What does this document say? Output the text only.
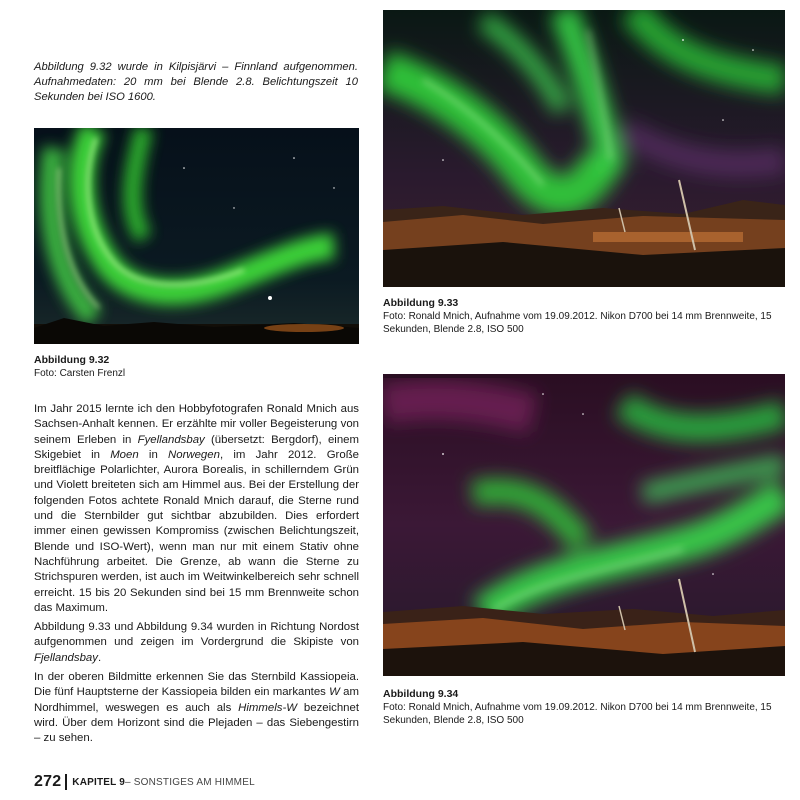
Abbildung 9.32 wurde in Kilpisjärvi – Finnland aufgenommen. Aufnahmedaten: 20 mm bei Blende 2.8. Belichtungszeit 10 Sekunden bei ISO 1600.

Abbildung 9.32
Foto: Carsten Frenzl

Abbildung 9.33
Foto: Ronald Mnich, Aufnahme vom 19.09.2012. Nikon D700 bei 14 mm Brennweite, 15 Sekunden, Blende 2.8, ISO 500

Abbildung 9.34
Foto: Ronald Mnich, Aufnahme vom 19.09.2012. Nikon D700 bei 14 mm Brennweite, 15 Sekunden, Blende 2.8, ISO 500

Im Jahr 2015 lernte ich den Hobbyfotografen Ronald Mnich aus Sachsen-Anhalt kennen. Er erzählte mir voller Begeisterung von seinem Erleben in Fyellandsbay (übersetzt: Bergdorf), einem Skigebiet in Moen in Norwegen, im Jahr 2012. Große breitflächige Polarlichter, Aurora Borealis, in schillerndem Grün und Violett breiteten sich am Himmel aus. Bei der Erstellung der folgenden Fotos achtete Ronald Mnich darauf, die Sterne rund und die Sternbilder gut sichtbar abzubilden. Dies erfordert immer einen gewissen Kompromiss (zwischen Belichtungszeit, Blende und ISO-Wert), wenn man nur mit einem Stativ ohne Nachführung arbeitet. Die Grenze, ab wann die Sterne zu Strichspuren werden, ist auch im Weitwinkelbereich sehr schnell erreicht. 15 bis 20 Sekunden sind bei 15 mm Brennweite schon das Maximum.

Abbildung 9.33 und Abbildung 9.34 wurden in Richtung Nordost aufgenommen und zeigen im Vordergrund die Skipiste von Fjellandsbay.

In der oberen Bildmitte erkennen Sie das Sternbild Kassiopeia. Die fünf Hauptsterne der Kassiopeia bilden ein markantes W am Nordhimmel, weswegen es auch als Himmels-W bezeichnet wird. Über dem Horizont sind die Plejaden – das Siebengestirn – zu sehen.

272 KAPITEL 9 – SONSTIGES AM HIMMEL
